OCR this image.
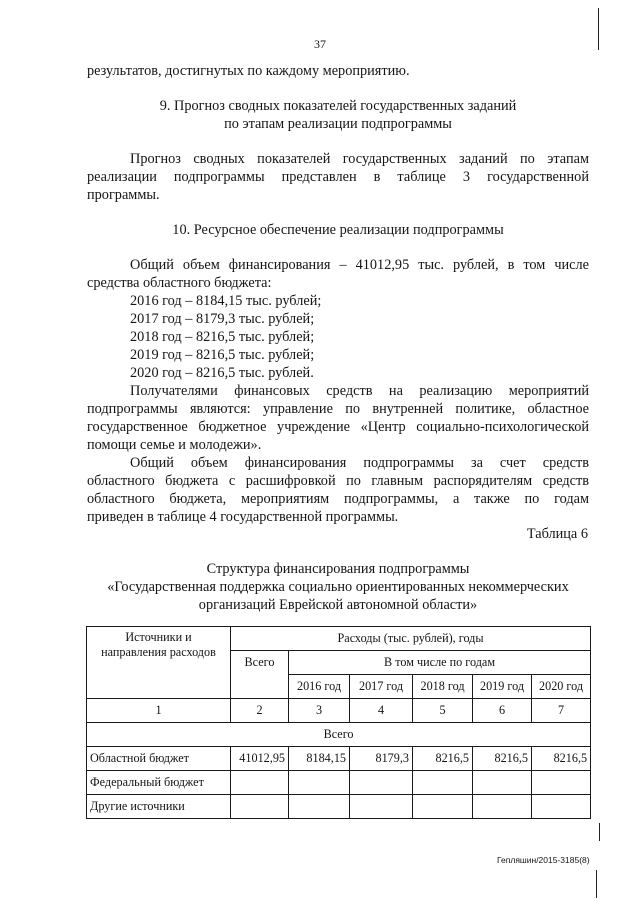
37
результатов, достигнутых по каждому мероприятию.
9. Прогноз сводных показателей государственных заданий
по этапам реализации подпрограммы
Прогноз сводных показателей государственных заданий по этапам
реализации подпрограммы представлен в таблице 3 государственной
программы.
10. Ресурсное обеспечение реализации подпрограммы
Общий объем финансирования – 41012,95 тыс. рублей, в том числе
средства областного бюджета:
2016 год – 8184,15 тыс. рублей;
2017 год – 8179,3 тыс. рублей;
2018 год – 8216,5 тыс. рублей;
2019 год – 8216,5 тыс. рублей;
2020 год – 8216,5 тыс. рублей.
Получателями финансовых средств на реализацию мероприятий
подпрограммы являются: управление по внутренней политике, областное
государственное бюджетное учреждение «Центр социально-психологической
помощи семье и молодежи».
Общий объем финансирования подпрограммы за счет средств
областного бюджета с расшифровкой по главным распорядителям средств
областного бюджета, мероприятиям подпрограммы, а также по годам
приведен в таблице 4 государственной программы.
Таблица 6
Структура финансирования подпрограммы
«Государственная поддержка социально ориентированных некоммерческих
организаций Еврейской автономной области»
Источники и
направления расходов	Расходы (тыс. рублей), годы					
	Всего	В том числе по годам				
		2016 год	2017 год	2018 год	2019 год	2020 год
1	2	3	4	5	6	7
Всего						
Областной бюджет	41012,95	8184,15	8179,3	8216,5	8216,5	8216,5
Федеральный бюджет						
Другие источники						
Гепляшин/2015-3185(8)
